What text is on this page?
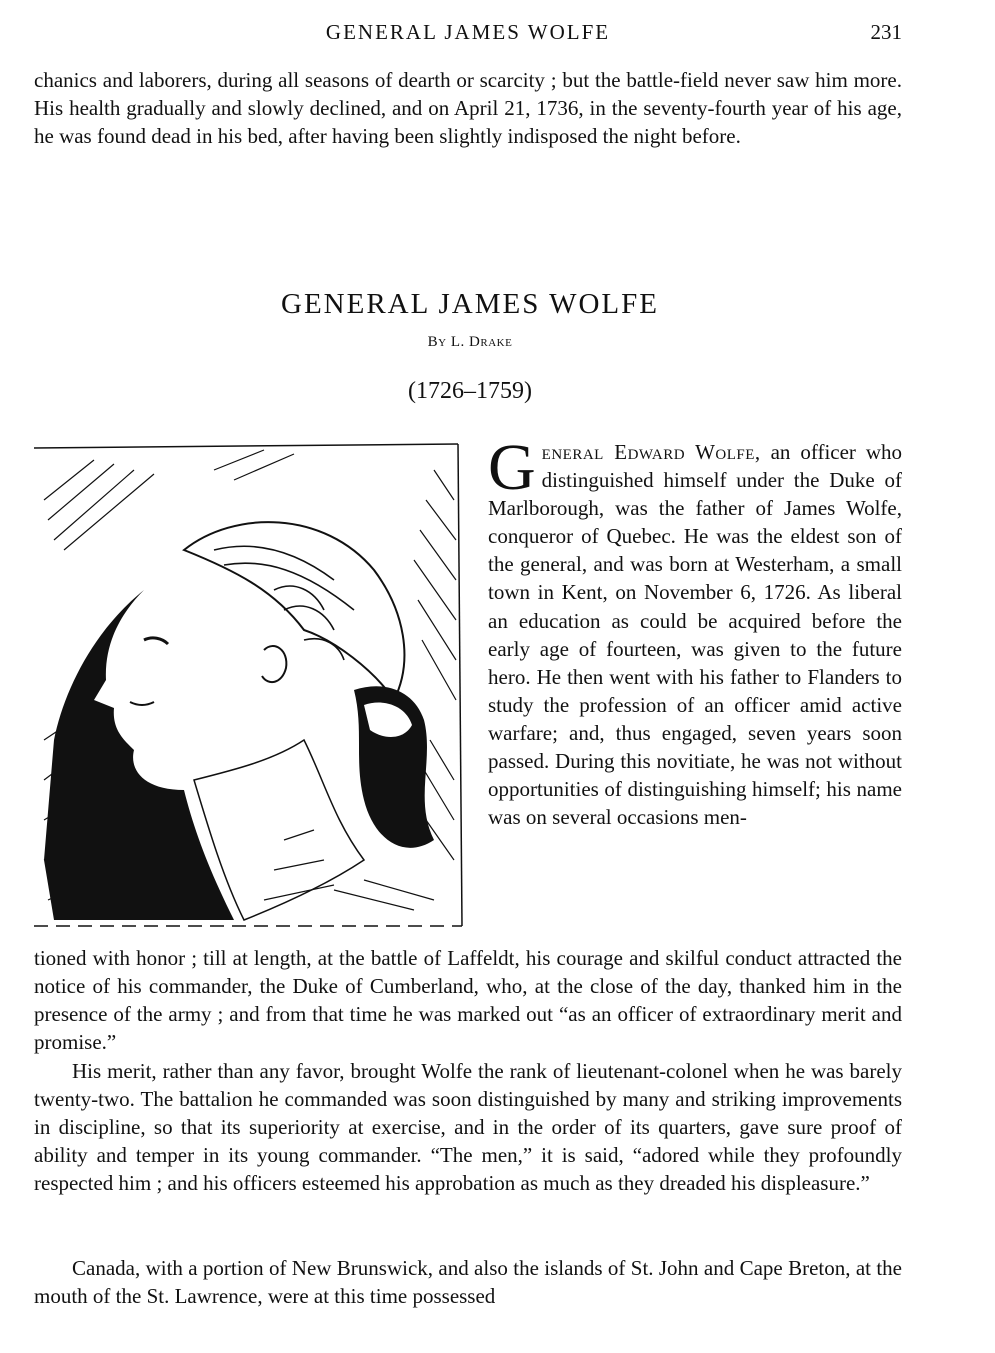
GENERAL JAMES WOLFE	231
chanics and laborers, during all seasons of dearth or scarcity ; but the battle-field never saw him more. His health gradually and slowly declined, and on April 21, 1736, in the seventy-fourth year of his age, he was found dead in his bed, after having been slightly indisposed the night before.
GENERAL JAMES WOLFE
By L. Drake
(1726–1759)
General Edward Wolfe, an officer who distinguished himself under the Duke of Marlborough, was the father of James Wolfe, conqueror of Quebec. He was the eldest son of the general, and was born at Westerham, a small town in Kent, on November 6, 1726. As liberal an education as could be acquired before the early age of fourteen, was given to the future hero. He then went with his father to Flanders to study the profession of an officer amid active warfare; and, thus engaged, seven years soon passed. During this novitiate, he was not without opportunities of distinguishing himself; his name was on several occasions men-
tioned with honor ; till at length, at the battle of Laffeldt, his courage and skilful conduct attracted the notice of his commander, the Duke of Cumberland, who, at the close of the day, thanked him in the presence of the army ; and from that time he was marked out “as an officer of extraordinary merit and promise.”
His merit, rather than any favor, brought Wolfe the rank of lieutenant-colonel when he was barely twenty-two. The battalion he commanded was soon distinguished by many and striking improvements in discipline, so that its superiority at exercise, and in the order of its quarters, gave sure proof of ability and temper in its young commander. “The men,” it is said, “adored while they profoundly respected him ; and his officers esteemed his approbation as much as they dreaded his displeasure.”
Canada, with a portion of New Brunswick, and also the islands of St. John and Cape Breton, at the mouth of the St. Lawrence, were at this time possessed
